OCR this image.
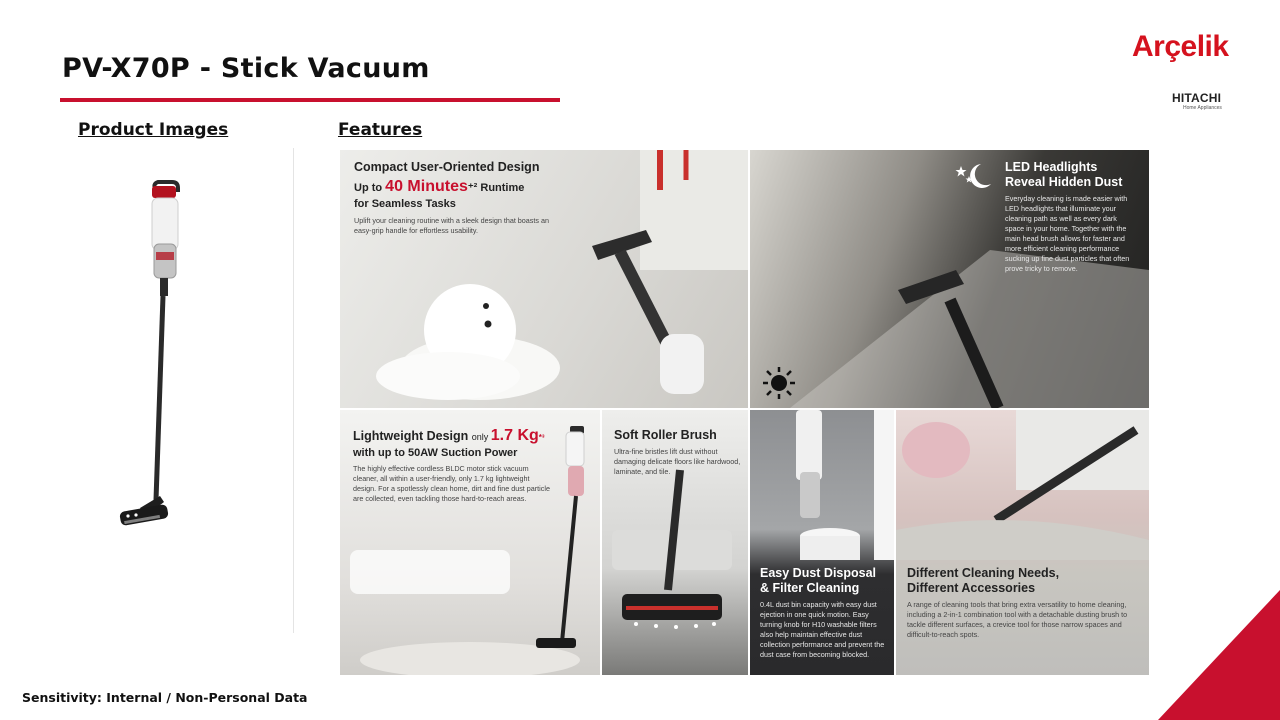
PV-X70P - Stick Vacuum
Arçelik
HITACHI
Home Appliances
Product Images	Features
Compact User-Oriented Design
Up to 40 Minutes⁺² Runtime
for Seamless Tasks
Uplift your cleaning routine with a sleek design that boasts an easy-grip handle for effortless usability.
LED Headlights
Reveal Hidden Dust
Everyday cleaning is made easier with LED headlights that illuminate your cleaning path as well as every dark space in your home. Together with the main head brush allows for faster and more efficient cleaning performance sucking up fine dust particles that often prove tricky to remove.
Lightweight Design only 1.7 Kg*³
with up to 50AW Suction Power
The highly effective cordless BLDC motor stick vacuum cleaner, all within a user-friendly, only 1.7 kg lightweight design. For a spotlessly clean home, dirt and fine dust particle are collected, even tackling those hard-to-reach areas.
Soft Roller Brush
Ultra-fine bristles lift dust without damaging delicate floors like hardwood, laminate, and tile.
Easy Dust Disposal
& Filter Cleaning
0.4L dust bin capacity with easy dust ejection in one quick motion. Easy turning knob for H10 washable filters also help maintain effective dust collection performance and prevent the dust case from becoming blocked.
Different Cleaning Needs,
Different Accessories
A range of cleaning tools that bring extra versatility to home cleaning, including a 2-in-1 combination tool with a detachable dusting brush to tackle different surfaces, a crevice tool for those narrow spaces and difficult-to-reach spots.
Sensitivity: Internal / Non-Personal Data
